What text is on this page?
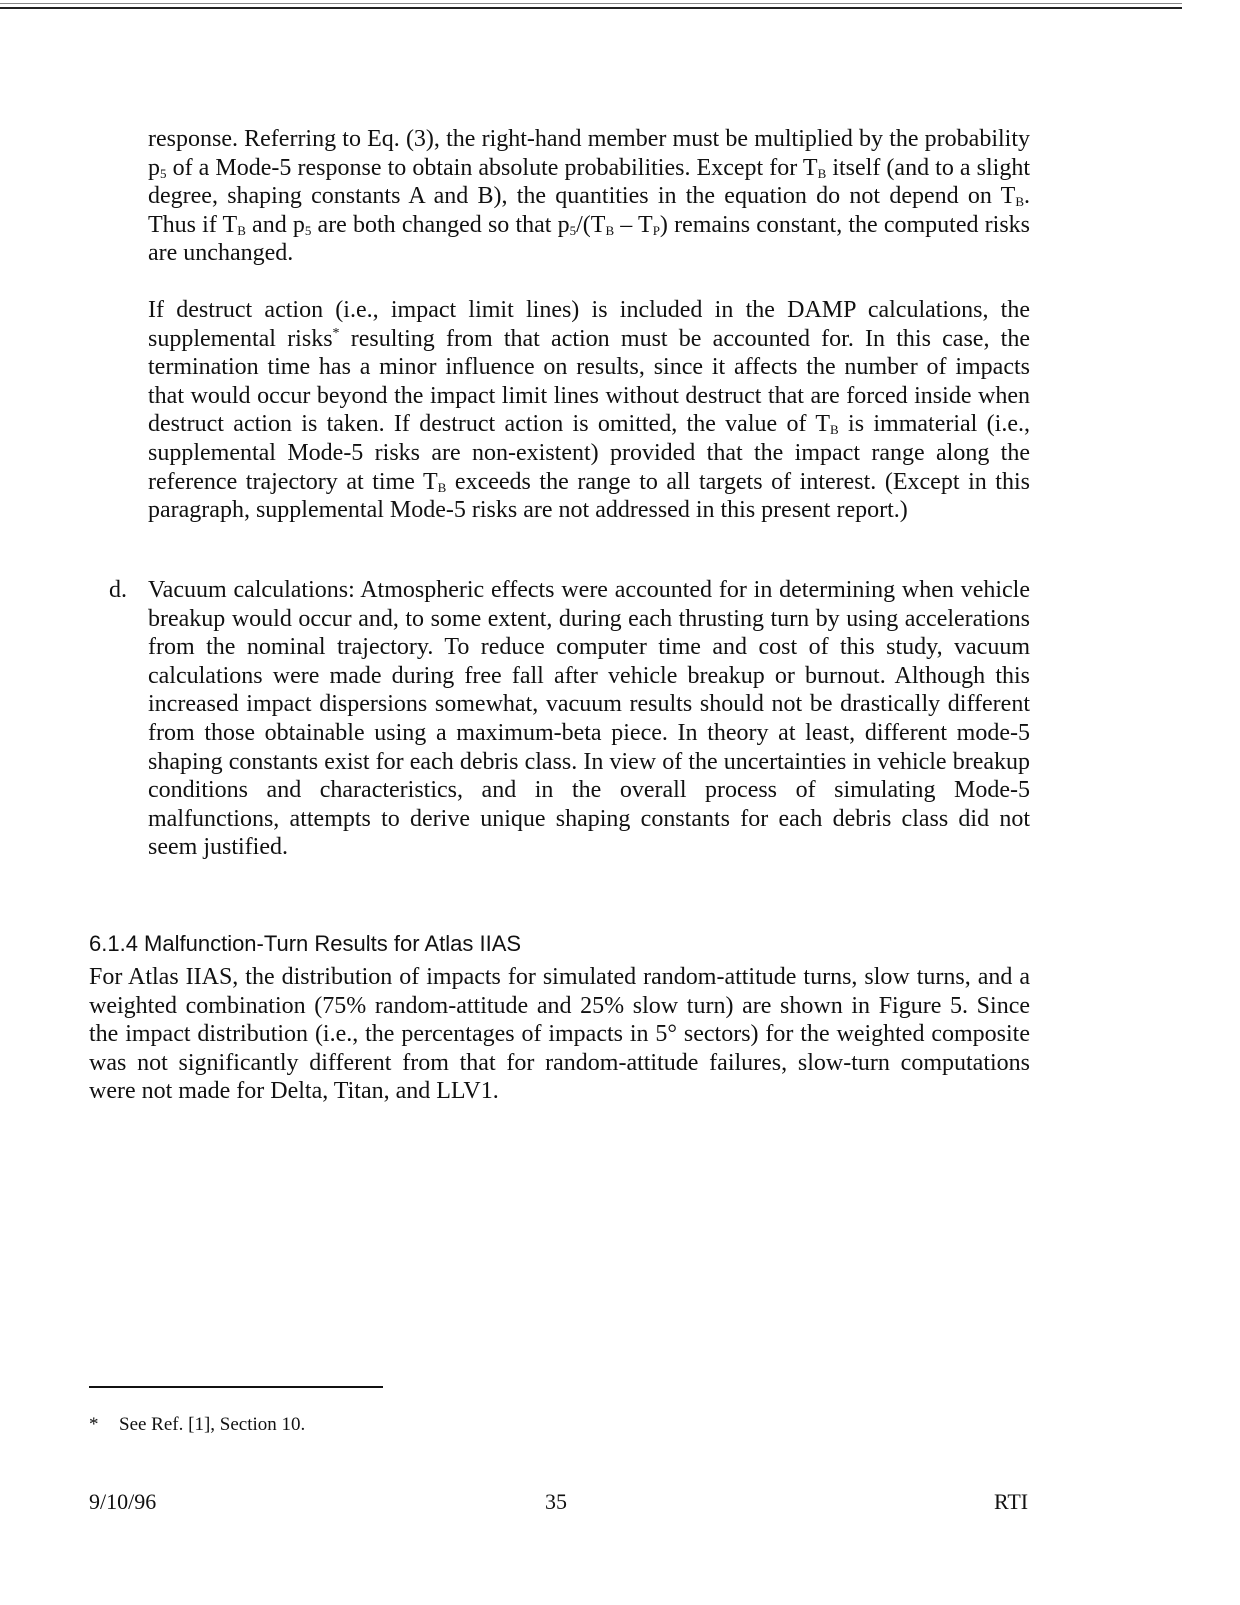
response. Referring to Eq. (3), the right-hand member must be multiplied by the probability $p_5$ of a Mode-5 response to obtain absolute probabilities. Except for $T_B$ itself (and to a slight degree, shaping constants A and B), the quantities in the equation do not depend on $T_B$. Thus if $T_B$ and $p_5$ are both changed so that $p_5/(T_B - T_P)$ remains constant, the computed risks are unchanged.

If destruct action (i.e., impact limit lines) is included in the DAMP calculations, the supplemental risks* resulting from that action must be accounted for. In this case, the termination time has a minor influence on results, since it affects the number of impacts that would occur beyond the impact limit lines without destruct that are forced inside when destruct action is taken. If destruct action is omitted, the value of $T_B$ is immaterial (i.e., supplemental Mode-5 risks are non-existent) provided that the impact range along the reference trajectory at time $T_B$ exceeds the range to all targets of interest. (Except in this paragraph, supplemental Mode-5 risks are not addressed in this present report.)

d. Vacuum calculations: Atmospheric effects were accounted for in determining when vehicle breakup would occur and, to some extent, during each thrusting turn by using accelerations from the nominal trajectory. To reduce computer time and cost of this study, vacuum calculations were made during free fall after vehicle breakup or burnout. Although this increased impact dispersions somewhat, vacuum results should not be drastically different from those obtainable using a maximum-beta piece. In theory at least, different mode-5 shaping constants exist for each debris class. In view of the uncertainties in vehicle breakup conditions and characteristics, and in the overall process of simulating Mode-5 malfunctions, attempts to derive unique shaping constants for each debris class did not seem justified.

6.1.4 Malfunction-Turn Results for Atlas IIAS

For Atlas IIAS, the distribution of impacts for simulated random-attitude turns, slow turns, and a weighted combination (75% random-attitude and 25% slow turn) are shown in Figure 5. Since the impact distribution (i.e., the percentages of impacts in 5° sectors) for the weighted composite was not significantly different from that for random-attitude failures, slow-turn computations were not made for Delta, Titan, and LLV1.

* See Ref. [1], Section 10.
9/10/96	35	RTI
